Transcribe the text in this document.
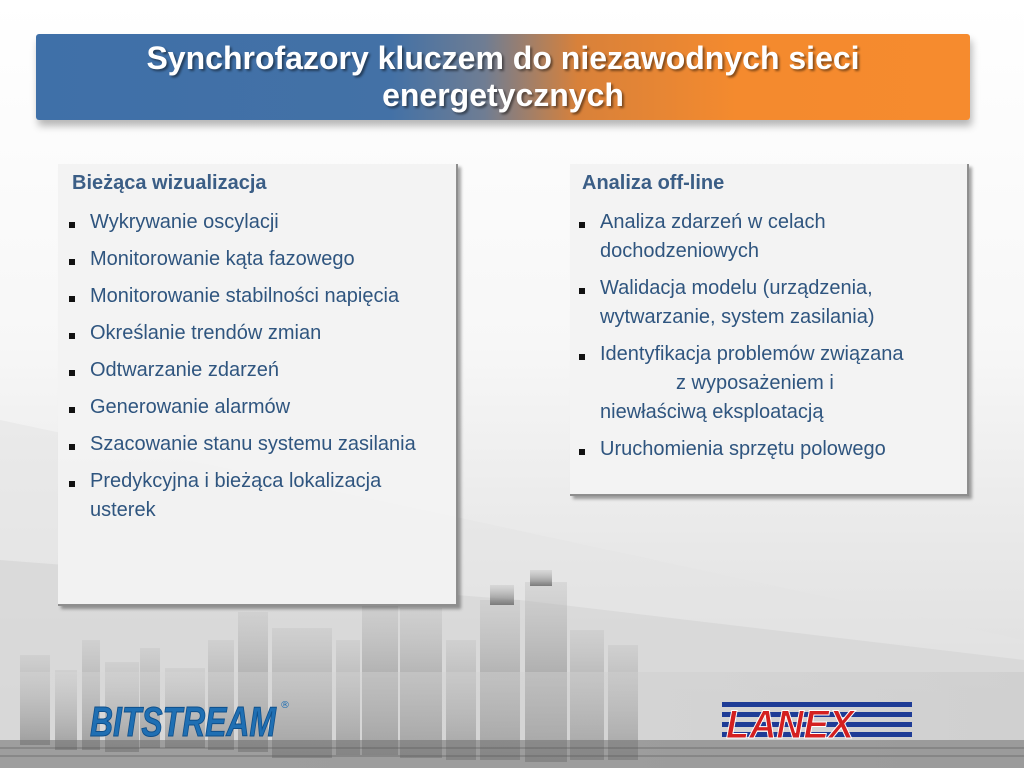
Synchrofazory kluczem do niezawodnych sieci energetycznych
Bieżąca wizualizacja
Wykrywanie oscylacji
Monitorowanie kąta fazowego
Monitorowanie stabilności napięcia
Określanie trendów zmian
Odtwarzanie zdarzeń
Generowanie alarmów
Szacowanie stanu systemu zasilania
Predykcyjna i bieżąca lokalizacja usterek
Analiza off-line
Analiza zdarzeń w celach dochodzeniowych
Walidacja modelu (urządzenia, wytwarzanie, system zasilania)
Identyfikacja problemów związana
z wyposażeniem i
niewłaściwą eksploatacją
Uruchomienia sprzętu polowego
BITSTREAM ®	LANEX
